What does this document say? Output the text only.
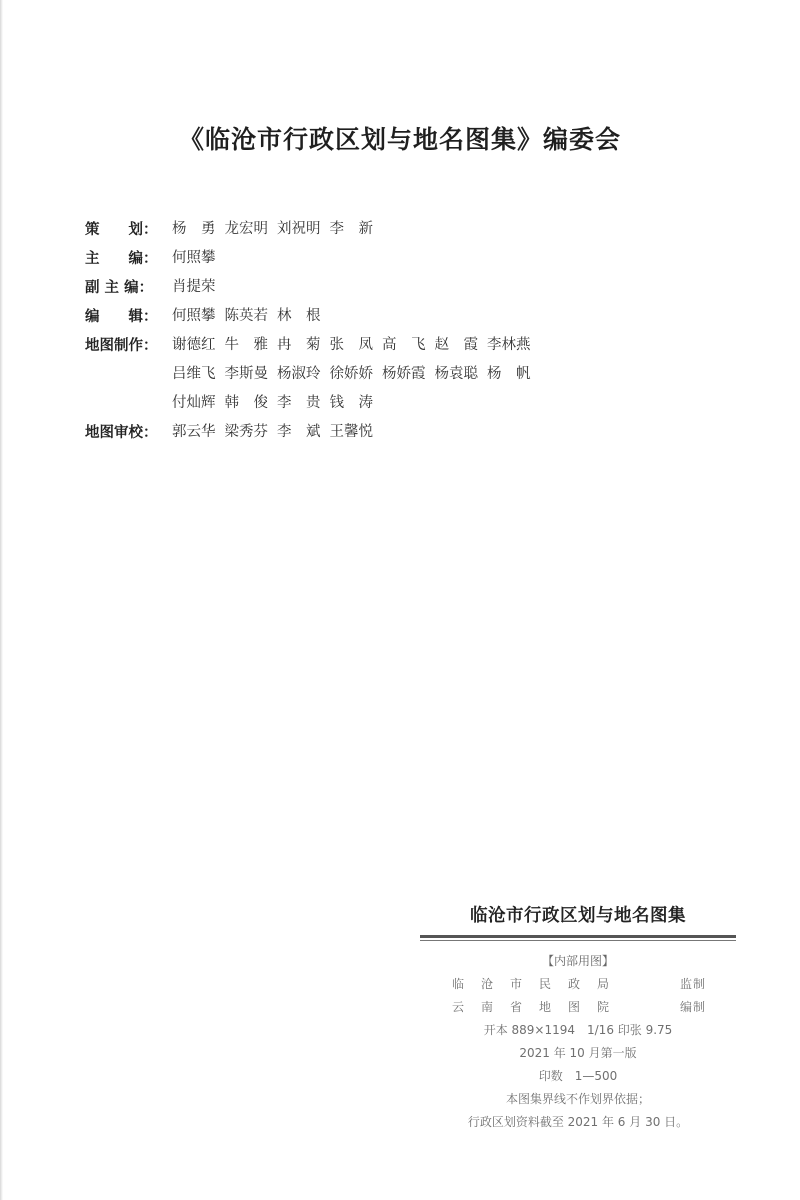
《临沧市行政区划与地名图集》编委会
策　　划：	杨　勇 龙宏明 刘祝明 李　新
主　　编：	何照攀
副 主 编：	肖提荣
编　　辑：	何照攀 陈英若 林　根
地图制作：	谢德红 牛　雅 冉　菊 张　凤 高　飞 赵　霞 李林燕
吕维飞 李斯曼 杨淑玲 徐娇娇 杨娇霞 杨袁聪 杨　帆
付灿辉 韩　俊 李　贵 钱　涛
地图审校：	郭云华 梁秀芬 李　斌 王馨悦
临沧市行政区划与地名图集
【内部用图】
临沧市民政局	监制
云南省地图院	编制
开本 889×1194　1/16 印张 9.75
2021 年 10 月第一版
印数　1—500
本图集界线不作划界依据；
行政区划资料截至 2021 年 6 月 30 日。
